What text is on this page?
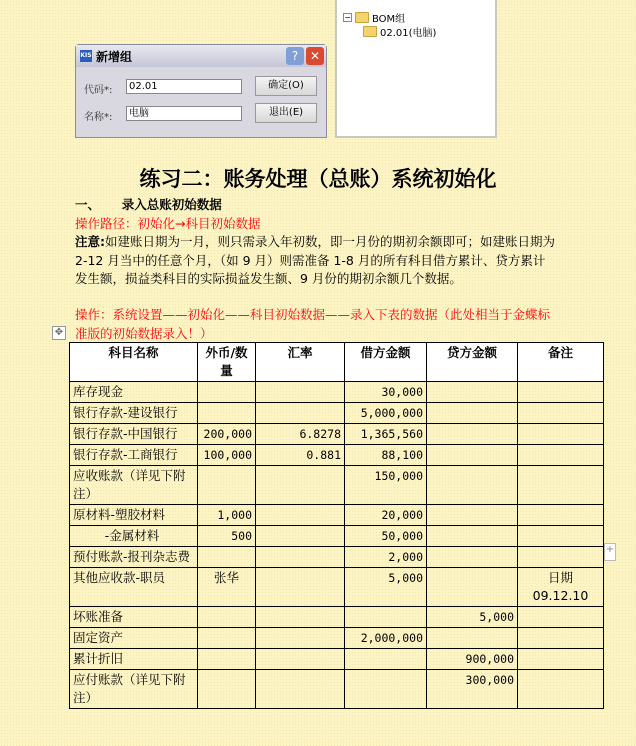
− BOM组
02.01(电脑)
KIS 新增组	? ✕
代码*:	02.01	确定(O)
名称*:	电脑	退出(E)
练习二：账务处理（总账）系统初始化
一、     录入总账初始数据
操作路径：初始化→科目初始数据
注意:如建账日期为一月，则只需录入年初数，即一月份的期初余额即可；如建账日期为 2-12 月当中的任意个月，（如 9 月）则需准备 1-8 月的所有科目借方累计、贷方累计发生额，损益类科目的实际损益发生额、9 月份的期初余额几个数据。
操作：系统设置——初始化——科目初始数据——录入下表的数据（此处相当于金蝶标准版的初始数据录入！）
✥
+
科目名称	外币/数量	汇率	借方金额	贷方金额	备注
库存现金			30,000		
银行存款-建设银行			5,000,000		
银行存款-中国银行	200,000	6.8278	1,365,560		
银行存款-工商银行	100,000	0.881	88,100		
应收账款（详见下附注）			150,000		
原材料-塑胶材料	1,000		20,000		
-金属材料	500		50,000		
预付账款-报刊杂志费			2,000		
其他应收款-职员	张华		5,000		日期 09.12.10
坏账准备				5,000	
固定资产			2,000,000		
累计折旧				900,000	
应付账款（详见下附注）				300,000	
